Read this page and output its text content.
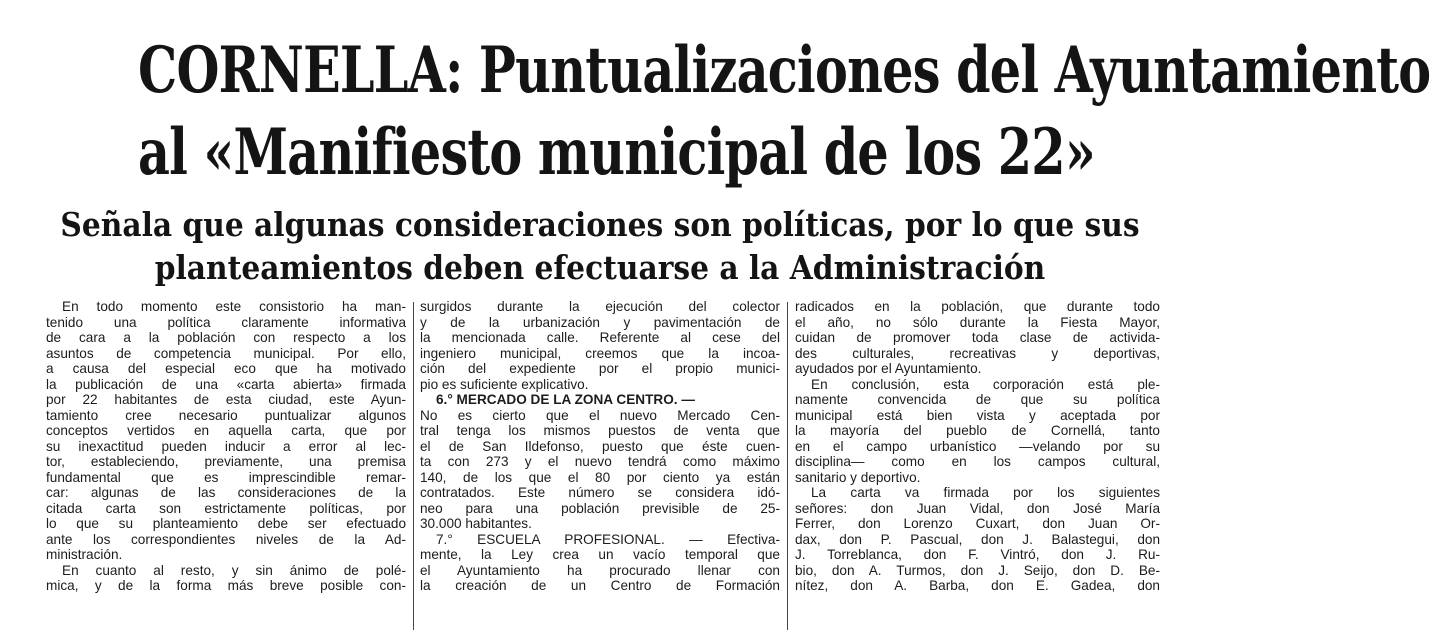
CORNELLA: Puntualizaciones del Ayuntamiento
al «Manifiesto municipal de los 22»
Señala que algunas consideraciones son políticas, por lo que sus
planteamientos deben efectuarse a la Administración
En todo momento este consistorio ha man-
tenido una política claramente informativa
de cara a la población con respecto a los
asuntos de competencia municipal. Por ello,
a causa del especial eco que ha motivado
la publicación de una «carta abierta» firmada
por 22 habitantes de esta ciudad, este Ayun-
tamiento cree necesario puntualizar algunos
conceptos vertidos en aquella carta, que por
su inexactitud pueden inducir a error al lec-
tor, estableciendo, previamente, una premisa
fundamental que es imprescindible remar-
car: algunas de las consideraciones de la
citada carta son estrictamente políticas, por
lo que su planteamiento debe ser efectuado
ante los correspondientes niveles de la Ad-
ministración.
En cuanto al resto, y sin ánimo de polé-
mica, y de la forma más breve posible con-
surgidos durante la ejecución del colector
y de la urbanización y pavimentación de
la mencionada calle. Referente al cese del
ingeniero municipal, creemos que la incoa-
ción del expediente por el propio munici-
pio es suficiente explicativo.
6.° MERCADO DE LA ZONA CENTRO. —
No es cierto que el nuevo Mercado Cen-
tral tenga los mismos puestos de venta que
el de San Ildefonso, puesto que éste cuen-
ta con 273 y el nuevo tendrá como máximo
140, de los que el 80 por ciento ya están
contratados. Este número se considera idó-
neo para una población previsible de 25-
30.000 habitantes.
7.° ESCUELA PROFESIONAL. — Efectiva-
mente, la Ley crea un vacío temporal que
el Ayuntamiento ha procurado llenar con
la creación de un Centro de Formación
radicados en la población, que durante todo
el año, no sólo durante la Fiesta Mayor,
cuidan de promover toda clase de activida-
des culturales, recreativas y deportivas,
ayudados por el Ayuntamiento.
En conclusión, esta corporación está ple-
namente convencida de que su política
municipal está bien vista y aceptada por
la mayoría del pueblo de Cornellá, tanto
en el campo urbanístico —velando por su
disciplina— como en los campos cultural,
sanitario y deportivo.
La carta va firmada por los siguientes
señores: don Juan Vidal, don José María
Ferrer, don Lorenzo Cuxart, don Juan Or-
dax, don P. Pascual, don J. Balastegui, don
J. Torreblanca, don F. Vintró, don J. Ru-
bio, don A. Turmos, don J. Seijo, don D. Be-
nítez, don A. Barba, don E. Gadea, don
